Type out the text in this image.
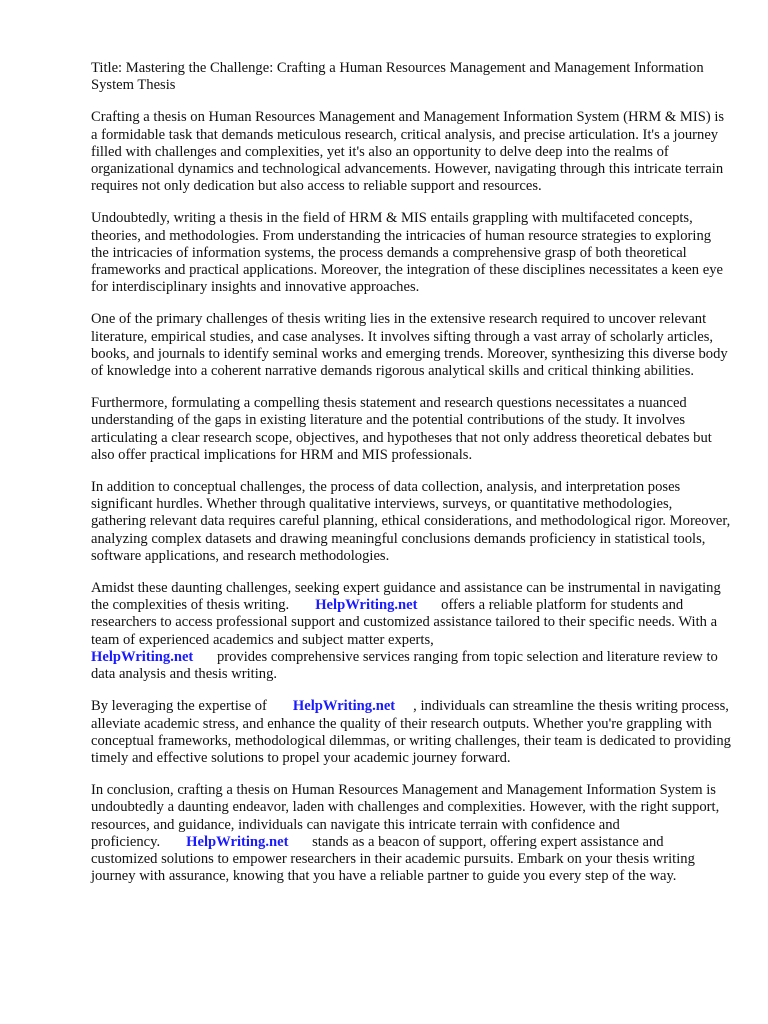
Title: Mastering the Challenge: Crafting a Human Resources Management and Management Information System Thesis

Crafting a thesis on Human Resources Management and Management Information System (HRM & MIS) is a formidable task that demands meticulous research, critical analysis, and precise articulation. It's a journey filled with challenges and complexities, yet it's also an opportunity to delve deep into the realms of organizational dynamics and technological advancements. However, navigating through this intricate terrain requires not only dedication but also access to reliable support and resources.

Undoubtedly, writing a thesis in the field of HRM & MIS entails grappling with multifaceted concepts, theories, and methodologies. From understanding the intricacies of human resource strategies to exploring the intricacies of information systems, the process demands a comprehensive grasp of both theoretical frameworks and practical applications. Moreover, the integration of these disciplines necessitates a keen eye for interdisciplinary insights and innovative approaches.

One of the primary challenges of thesis writing lies in the extensive research required to uncover relevant literature, empirical studies, and case analyses. It involves sifting through a vast array of scholarly articles, books, and journals to identify seminal works and emerging trends. Moreover, synthesizing this diverse body of knowledge into a coherent narrative demands rigorous analytical skills and critical thinking abilities.

Furthermore, formulating a compelling thesis statement and research questions necessitates a nuanced understanding of the gaps in existing literature and the potential contributions of the study. It involves articulating a clear research scope, objectives, and hypotheses that not only address theoretical debates but also offer practical implications for HRM and MIS professionals.

In addition to conceptual challenges, the process of data collection, analysis, and interpretation poses significant hurdles. Whether through qualitative interviews, surveys, or quantitative methodologies, gathering relevant data requires careful planning, ethical considerations, and methodological rigor. Moreover, analyzing complex datasets and drawing meaningful conclusions demands proficiency in statistical tools, software applications, and research methodologies.

Amidst these daunting challenges, seeking expert guidance and assistance can be instrumental in navigating the complexities of thesis writing. HelpWriting.net offers a reliable platform for students and researchers to access professional support and customized assistance tailored to their specific needs. With a team of experienced academics and subject matter experts,
HelpWriting.net provides comprehensive services ranging from topic selection and literature review to data analysis and thesis writing.

By leveraging the expertise of HelpWriting.net , individuals can streamline the thesis writing process, alleviate academic stress, and enhance the quality of their research outputs. Whether you're grappling with conceptual frameworks, methodological dilemmas, or writing challenges, their team is dedicated to providing timely and effective solutions to propel your academic journey forward.

In conclusion, crafting a thesis on Human Resources Management and Management Information System is undoubtedly a daunting endeavor, laden with challenges and complexities. However, with the right support, resources, and guidance, individuals can navigate this intricate terrain with confidence and proficiency. HelpWriting.net stands as a beacon of support, offering expert assistance and customized solutions to empower researchers in their academic pursuits. Embark on your thesis writing journey with assurance, knowing that you have a reliable partner to guide you every step of the way.
